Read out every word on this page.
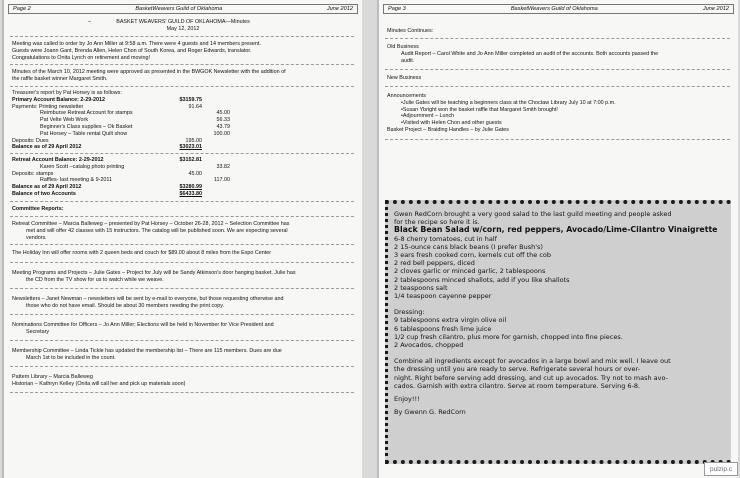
Page 2	BasketWeavers Guild of Oklahoma	June 2012
–	BASKET WEAVERS' GUILD OF OKLAHOMA—Minutes

May 12, 2012

Meeting was called to order by Jo Ann Miller at 9:58 a.m. There were 4 guests and 14 members present.

Guests were Joann Gant, Brenda Allen, Helen Chon of South Korea, and Roger Edwards, translator.

Congratulations to Onita Lynch on retirement and moving!

Minutes of the March 10, 2012 meeting were approved as presented in the BWGOK Newsletter with the addition of

the raffle basket winner Margaret Smith.

Treasurer's report by Pat Horsey is as follows:
Primary Account Balance: 2-29-2012	$3159.75
Payments: Printing newsletter	91.64
Reimburse Retreat Account for stamps	45.00
Pat Velte Web Work	56.33
Beginner's Class supplies – Ok Basket	43.79
Pat Horsey – Table rental Quilt show	100.00
Deposits: Dues	195.00
Balance as of 29 April 2012	$3023.01
Retreat Account Balance: 2-29-2012	$3152.81
Karen Scott –catalog photo printing	33.82
Deposits: stamps	45.00
Raffles- last meeting & 9-2011	117.00
Balance as of 29 April 2012	$3280.99
Balance of two Accounts	$6433.80
Committee Reports:

Retreat Committee – Marcia Balleweg – presented by Pat Horsey – October 26-28, 2012 – Selection Committee has

met and will offer 42 classes with 15 instructors. The catalog will be published soon. We are expecting several

vendors.

The Holiday Inn will offer rooms with 2 queen beds and couch for $89.00 about 8 miles from the Expo Center

Meeting Programs and Projects – Julie Gates – Project for July will be Sandy Atkinson's door hanging basket. Julie has

the CD from the TV show for us to watch while we weave.

Newsletters – Janet Newman – newsletters will be sent by e-mail to everyone, but those requesting otherwise and

those who do not have email. Should be about 30 members needing the print copy.

Nominations Committee for Officers – Jo Ann Miller; Elections will be held in November for Vice President and

Secretary

Membership Committee – Linda Tickle has updated the membership list – There are 115 members. Dues are due

March 1st to be included in the count.

Pattern Library – Marcia Balleweg

Historian – Kathryn Kelley (Onita will call her and pick up materials soon)

Page 3	BasketWeavers Guild of Oklahoma	June 2012
Minutes Continues:

Old Business

Audit Report – Carol White and Jo Ann Miller completed an audit of the accounts. Both accounts passed the

audit.

New Business

Announcements

•Julie Gates will be teaching a beginners class at the Choctaw Library July 10 at 7:00 p.m.

•Susan Ybright won the basket raffle that Margaret Smith brought!

•Adjournment – Lunch

•Visited with Helen Chon and other guests

Basket Project – Braiding Handles – by Julie Gates

Gwen RedCorn brought a very good salad to the last guild meeting and people asked

for the recipe so here it is.

Black Bean Salad w/corn, red peppers, Avocado/Lime-Cilantro Vinaigrette

6-8 cherry tomatoes, cut in half

2 15-ounce cans black beans (I prefer Bush's)

3 ears fresh cooked corn, kernels cut off the cob

2 red bell peppers, diced

2 cloves garlic or minced garlic, 2 tablespoons

2 tablespoons minced shallots, add if you like shallots

2 teaspoons salt

1/4 teaspoon cayenne pepper

Dressing:

9 tablespoons extra virgin olive oil

6 tablespoons fresh lime juice

1/2 cup fresh cilantro, plus more for garnish, chopped into fine pieces.

2 Avocados, chopped

Combine all ingredients except for avocados in a large bowl and mix well. I leave out

the dressing until you are ready to serve. Refrigerate several hours or over-

night. Right before serving add dressing, and cut up avocados. Try not to mash avo-

cados. Garnish with extra cilantro. Serve at room temperature. Serving 6-8.

Enjoy!!!

By Gwenn G. RedCorn

pulzip.c
